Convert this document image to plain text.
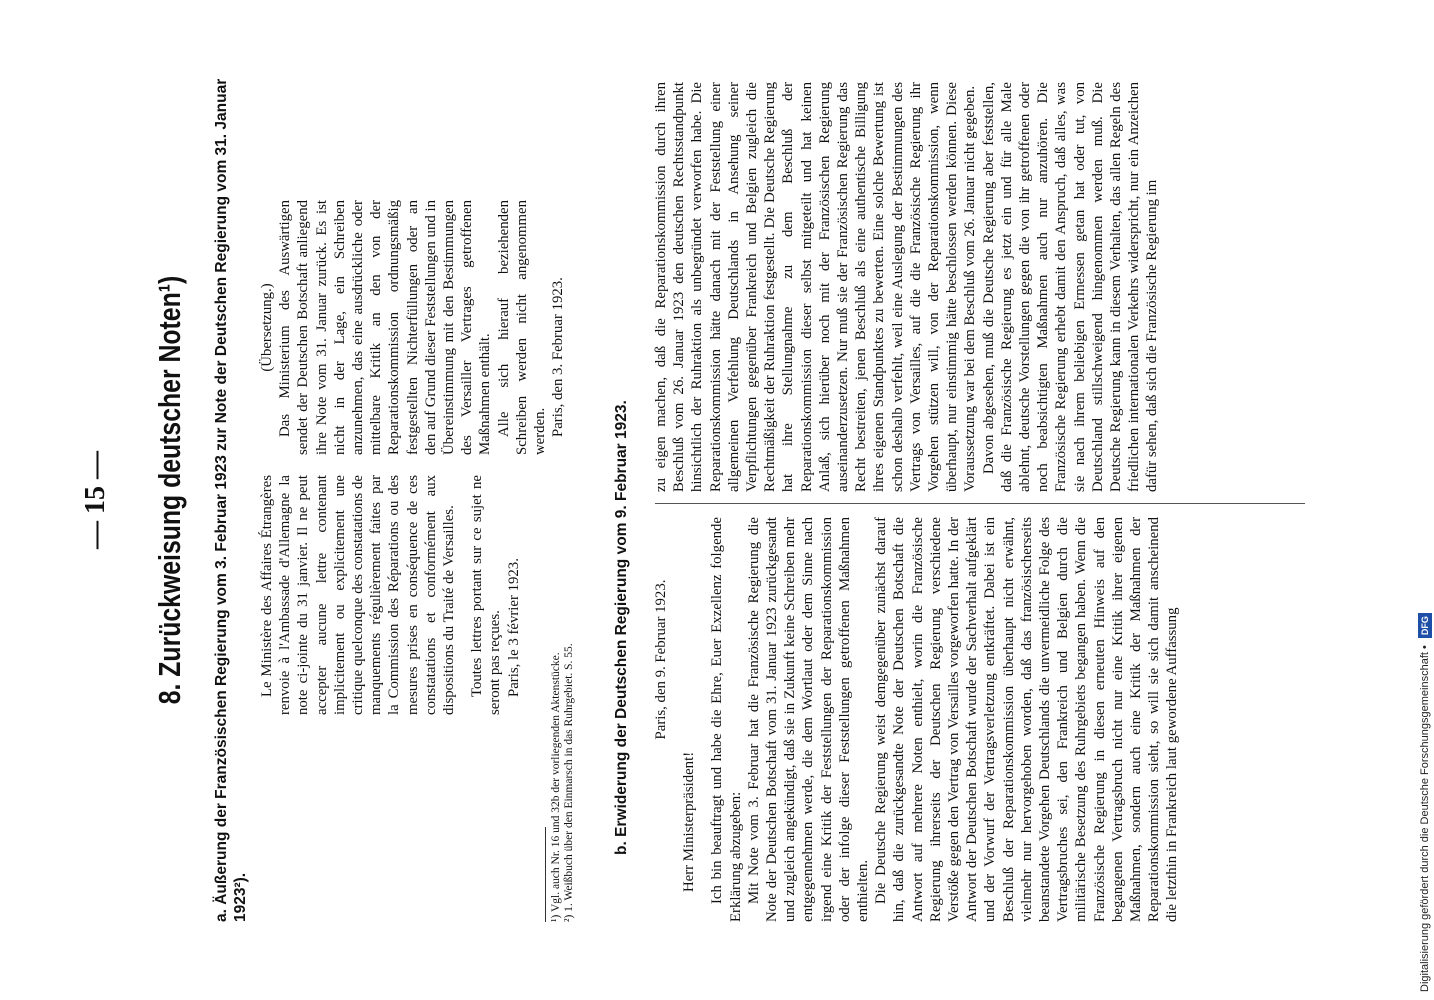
— 15 — 8. Zurückweisung deutscher Noten¹) a. Äußerung der Französischen Regierung vom 3. Februar 1923 zur Note der Deutschen Regierung vom 31. Januar 1923²).

Le Ministère des Affaires Étrangères renvoie à l'Ambassade d'Allemagne la note ci-jointe du 31 janvier. Il ne peut accepter aucune lettre contenant implicitement ou explicitement une critique quelconque des constatations de manquements régulièrement faites par la Commission des Réparations ou des mesures prises en conséquence de ces constatations et conformément aux dispositions du Traité de Versailles. Toutes lettres portant sur ce sujet ne seront pas reçues. Paris, le 3 février 1923.

(Übersetzung.) Das Ministerium des Auswärtigen sendet der Deutschen Botschaft anliegend ihre Note vom 31. Januar zurück. Es ist nicht in der Lage, ein Schreiben anzunehmen, das eine ausdrückliche oder mittelbare Kritik an den von der Reparationskommission ordnungsmäßig festgestellten Nichterfüllungen oder an den auf Grund dieser Feststellungen und in Übereinstimmung mit den Bestimmungen des Versailler Vertrages getroffenen Maßnahmen enthält. Alle sich hierauf beziehenden Schreiben werden nicht angenommen werden. Paris, den 3. Februar 1923.

¹) Vgl. auch Nr. 16 und 32b der vorliegenden Aktenstücke. ²) 1. Weißbuch über den Einmarsch in das Ruhrgebiet. S. 55. b. Erwiderung der Deutschen Regierung vom 9. Februar 1923. Paris, den 9. Februar 1923.

Herr Ministerpräsident! Ich bin beauftragt und habe die Ehre, Euer Exzellenz folgende Erklärung abzugeben: Mit Note vom 3. Februar hat die Französische Regierung die Note der Deutschen Botschaft vom 31. Januar 1923 zurückgesandt und zugleich angekündigt, daß sie in Zukunft keine Schreiben mehr entgegennehmen werde, die dem Wortlaut oder dem Sinne nach irgend eine Kritik der Feststellungen der Reparationskommission oder der infolge dieser Feststellungen getroffenen Maßnahmen enthielten. Die Deutsche Regierung weist demgegenüber zunächst darauf hin, daß die zurückgesandte Note der Deutschen Botschaft die Antwort auf mehrere Noten enthielt, worin die Französische Regierung ihrerseits der Deutschen Regierung verschiedene Verstöße gegen den Vertrag von Versailles vorgeworfen hatte. In der Antwort der Deutschen Botschaft wurde der Sachverhalt aufgeklärt und der Vorwurf der Vertragsverletzung entkräftet. Dabei ist ein Beschluß der Reparationskommission überhaupt nicht erwähnt, vielmehr nur hervorgehoben worden, daß das französischerseits beanstandete Vorgehen Deutschlands die unvermeidliche Folge des Vertragsbruches sei, den Frankreich und Belgien durch die militärische Besetzung des Ruhrgebiets begangen haben. Wenn die Französische Regierung in diesen erneuten Hinweis auf den begangenen Vertragsbruch nicht nur eine Kritik ihrer eigenen Maßnahmen, sondern auch eine Kritik der Maßnahmen der Reparationskommission sieht, so will sie sich damit anscheinend die letzthin in Frankreich laut gewordene Auffassung

zu eigen machen, daß die Reparationskommission durch ihren Beschluß vom 26. Januar 1923 den deutschen Rechtsstandpunkt hinsichtlich der Ruhraktion als unbegründet verworfen habe. Die Reparationskommission hätte danach mit der Feststellung einer allgemeinen Verfehlung Deutschlands in Ansehung seiner Verpflichtungen gegenüber Frankreich und Belgien zugleich die Rechtmäßigkeit der Ruhraktion festgestellt. Die Deutsche Regierung hat ihre Stellungnahme zu dem Beschluß der Reparationskommission dieser selbst mitgeteilt und hat keinen Anlaß, sich hierüber noch mit der Französischen Regierung auseinanderzusetzen. Nur muß sie der Französischen Regierung das Recht bestreiten, jenen Beschluß als eine authentische Billigung ihres eigenen Standpunktes zu bewerten. Eine solche Bewertung ist schon deshalb verfehlt, weil eine Auslegung der Bestimmungen des Vertrags von Versailles, auf die die Französische Regierung ihr Vorgehen stützen will, von der Reparationskommission, wenn überhaupt, nur einstimmig hätte beschlossen werden können. Diese Voraussetzung war bei dem Beschluß vom 26. Januar nicht gegeben. Davon abgesehen, muß die Deutsche Regierung aber feststellen, daß die Französische Regierung es jetzt ein und für alle Male ablehnt, deutsche Vorstellungen gegen die von ihr getroffenen oder noch beabsichtigten Maßnahmen auch nur anzuhören. Die Französische Regierung erhebt damit den Anspruch, daß alles, was sie nach ihrem beliebigen Ermessen getan hat oder tut, von Deutschland stillschweigend hingenommen werden muß. Die Deutsche Regierung kann in diesem Verhalten, das allen Regeln des friedlichen internationalen Verkehrs widerspricht, nur ein Anzeichen dafür sehen, daß sich die Französische Regierung im

Digitalisierung gefördert durch die Deutsche Forschungsgemeinschaft • DFG
